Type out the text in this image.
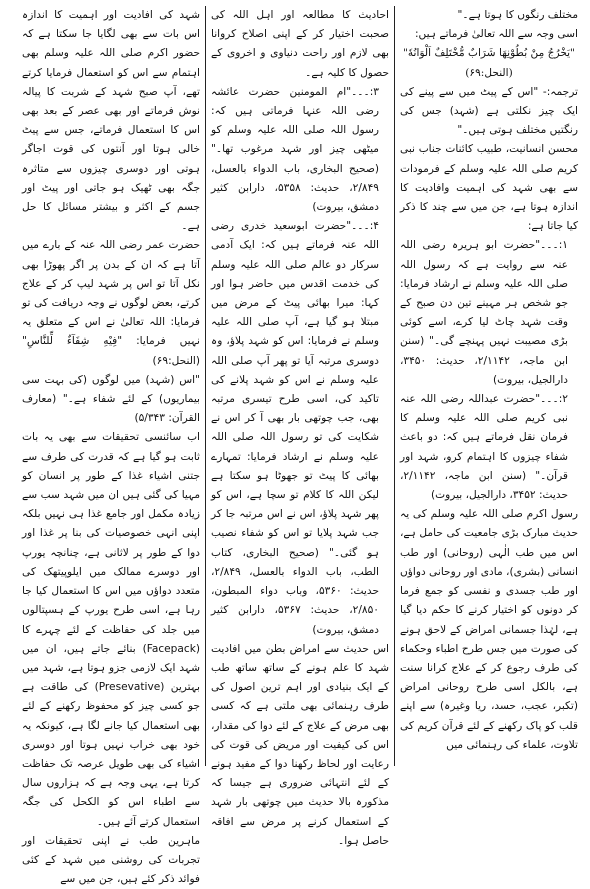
مختلف رنگوں کا ہوتا ہے۔"

اسی وجہ سے اللہ تعالیٰ فرماتے ہیں:

"یَخْرُجُ مِنْ بُطُوْنِهَا شَرَابٌ مُّخْتَلِفٌ اَلْوَانُهٗ" (النحل:۶۹)

ترجمہ:- "اس کے پیٹ میں سے پینے کی ایک چیز نکلتی ہے (شہد) جس کی رنگتیں مختلف ہوتی ہیں۔"

محسن انسانیت، طبیب کائنات جناب نبی کریم صلی اللہ علیہ وسلم کے فرمودات سے بھی شہد کی اہمیت وافادیت کا اندازہ ہوتا ہے، جن میں سے چند کا ذکر کیا جاتا ہے:

۱:۔۔۔"حضرت ابو ہریرہ رضی اللہ عنہ سے روایت ہے کہ رسول اللہ صلی اللہ علیہ وسلم نے ارشاد فرمایا: جو شخص ہر مہینے تین دن صبح کے وقت شہد چاٹ لیا کرے، اسے کوئی بڑی مصیبت نہیں پہنچے گی۔" (سنن ابن ماجہ، ۲/۱۱۴۲، حدیث: ۳۴۵۰، دارالجیل، بیروت)

۲:۔۔۔"حضرت عبداللہ رضی اللہ عنہ نبی کریم صلی اللہ علیہ وسلم کا فرمان نقل فرماتے ہیں کہ: دو باعث شفاء چیزوں کا اہتمام کرو، شہد اور قرآن۔" (سنن ابن ماجہ، ۲/۱۱۴۲، حدیث: ۳۴۵۲، دارالجیل، بیروت)

رسول اکرم صلی اللہ علیہ وسلم کی یہ حدیث مبارک بڑی جامعیت کی حامل ہے، اس میں طب الٰہی (روحانی) اور طب انسانی (بشری)، مادی اور روحانی دواؤں اور طب جسدی و نفسی کو جمع فرما کر دونوں کو اختیار کرنے کا حکم دیا گیا ہے، لہٰذا جسمانی امراض کے لاحق ہونے کی صورت میں جس طرح اطباء وحکماء کی طرف رجوع کر کے علاج کرانا سنت ہے، بالکل اسی طرح روحانی امراض (تکبر، عجب، حسد، ریا وغیرہ) سے اپنے قلب کو پاک رکھنے کے لئے قرآن کریم کی تلاوت، علماء کی رہنمائی میں

احادیث کا مطالعہ اور اہل اللہ کی صحبت اختیار کر کے اپنی اصلاح کروانا بھی لازم اور راحت دنیاوی و اخروی کے حصول کا کلیہ ہے۔

۳:۔۔۔"ام المومنین حضرت عائشہ رضی اللہ عنہا فرماتی ہیں کہ: رسول اللہ صلی اللہ علیہ وسلم کو میٹھی چیز اور شہد مرغوب تھا۔" (صحیح البخاری، باب الدواء بالعسل، ۲/۸۴۹، حدیث: ۵۳۵۸، دارابن کثیر دمشق، بیروت)

۴:۔۔۔"حضرت ابوسعید خدری رضی اللہ عنہ فرماتے ہیں کہ: ایک آدمی سرکار دو عالم صلی اللہ علیہ وسلم کی خدمت اقدس میں حاضر ہوا اور کہا: میرا بھائی پیٹ کے مرض میں مبتلا ہو گیا ہے، آپ صلی اللہ علیہ وسلم نے فرمایا: اس کو شہد پلاؤ، وہ دوسری مرتبہ آیا تو پھر آپ صلی اللہ علیہ وسلم نے اس کو شہد پلانے کی تاکید کی، اسی طرح تیسری مرتبہ بھی، جب چوتھی بار بھی آ کر اس نے شکایت کی تو رسول اللہ صلی اللہ علیہ وسلم نے ارشاد فرمایا: تمہارے بھائی کا پیٹ تو جھوٹا ہو سکتا ہے لیکن اللہ کا کلام تو سچا ہے، اس کو پھر شہد پلاؤ، اس نے اس مرتبہ جا کر جب شہد پلایا تو اس کو شفاء نصیب ہو گئی۔" (صحیح البخاری، کتاب الطب، باب الدواء بالعسل، ۲/۸۴۹، حدیث: ۵۳۶۰، وباب دواء المبطون، ۲/۸۵۰، حدیث: ۵۳۶۷، دارابن کثیر دمشق، بیروت)

اس حدیث سے امراض بطن میں افادیت شہد کا علم ہونے کے ساتھ ساتھ طب کے ایک بنیادی اور اہم ترین اصول کی طرف رہنمائی بھی ملتی ہے کہ کسی بھی مرض کے علاج کے لئے دوا کی مقدار، اس کی کیفیت اور مریض کی قوت کی رعایت اور لحاظ رکھنا دوا کے مفید ہونے کے لئے انتہائی ضروری ہے جیسا کہ مذکورہ بالا حدیث میں چوتھی بار شہد کے استعمال کرنے پر مرض سے افاقہ حاصل ہوا۔

شہد کی افادیت اور اہمیت کا اندازہ اس بات سے بھی لگایا جا سکتا ہے کہ حضور اکرم صلی اللہ علیہ وسلم بھی اہتمام سے اس کو استعمال فرمایا کرتے تھے، آپ صبح شہد کے شربت کا پیالہ نوش فرماتے اور بھی عصر کے بعد بھی اس کا استعمال فرماتے، جس سے پیٹ خالی ہوتا اور آنتوں کی قوت اجاگر ہوتی اور دوسری چیزوں سے متاثرہ جگہ بھی ٹھیک ہو جاتی اور پیٹ اور جسم کے اکثر و بیشتر مسائل کا حل ہے۔

حضرت عمر رضی اللہ عنہ کے بارے میں آتا ہے کہ ان کے بدن پر اگر پھوڑا بھی نکل آتا تو اس پر شہد لیپ کر کے علاج کرتے، بعض لوگوں نے وجہ دریافت کی تو فرمایا: اللہ تعالیٰ نے اس کے متعلق یہ نہیں فرمایا: "فِیْهِ شِفَآءٌ لِّلنَّاسِ" (النحل:۶۹)

"اس (شہد) میں لوگوں (کی بہت سی بیماریوں) کے لئے شفاء ہے۔" (معارف القرآن: ۵/۳۴۳)

اب سائنسی تحقیقات سے بھی یہ بات ثابت ہو گیا ہے کہ قدرت کی طرف سے جتنی اشیاء غذا کے طور پر انسان کو مہیا کی گئی ہیں ان میں شہد سب سے زیادہ مکمل اور جامع غذا ہی نہیں بلکہ اپنی انہی خصوصیات کی بنا پر غذا اور دوا کے طور پر لاثانی ہے، چنانچہ یورپ اور دوسرے ممالک میں ایلوپیتھک کی متعدد دواؤں میں اس کا استعمال کیا جا رہا ہے، اسی طرح یورپ کے ہسپتالوں میں جلد کی حفاظت کے لئے چہرے کا (Facepack) بنائے جاتے ہیں، ان میں شہد ایک لازمی جزو ہوتا ہے، شہد میں بہترین (Presevative) کی طاقت ہے جو کسی چیز کو محفوظ رکھنے کے لئے بھی استعمال کیا جانے لگا ہے، کیونکہ یہ خود بھی خراب نہیں ہوتا اور دوسری اشیاء کی بھی طویل عرصہ تک حفاظت کرتا ہے، یہی وجہ ہے کہ ہزاروں سال سے اطباء اس کو الکحل کی جگہ استعمال کرتے آئے ہیں۔

ماہرین طب نے اپنی تحقیقات اور تجربات کی روشنی میں شہد کے کئی فوائد ذکر کئے ہیں، جن میں سے
